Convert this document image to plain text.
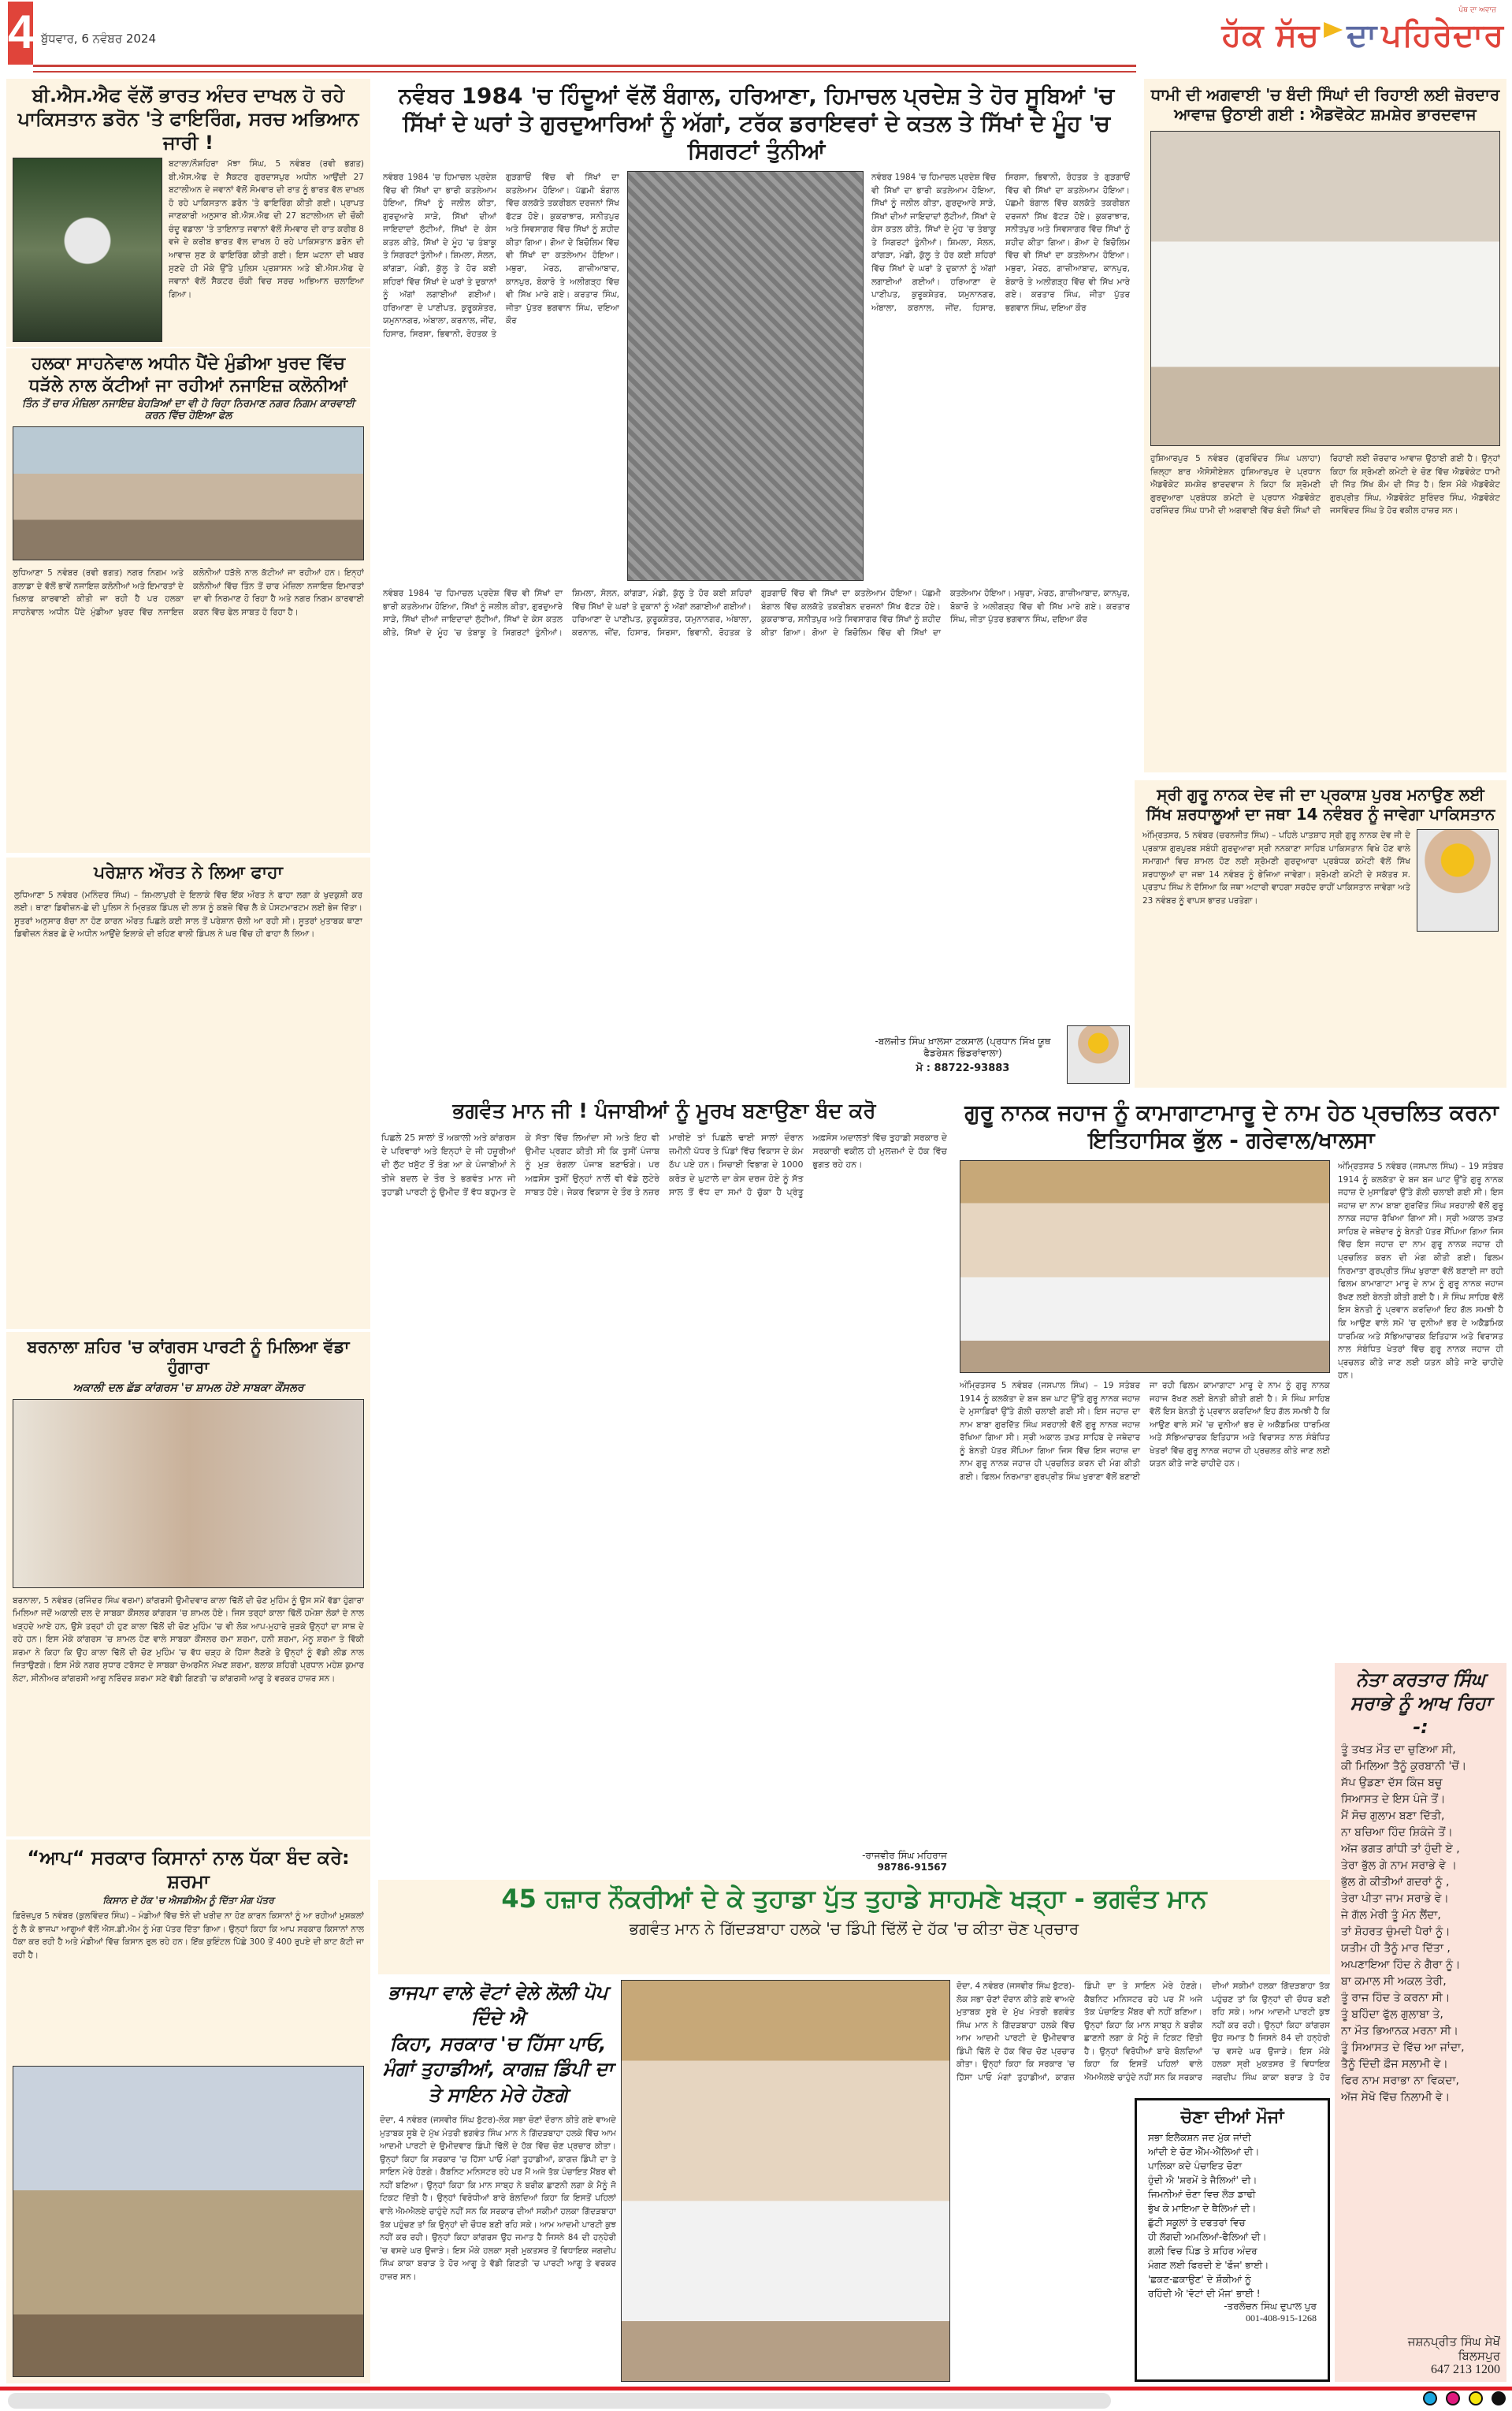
4 ਬੁੱਧਵਾਰ, 6 ਨਵੰਬਰ 2024
ਪੰਥ ਦਾ ਅਵਾਜ਼
ਹੱਕ ਸੱਚ ਦਾ ਪਹਿਰੇਦਾਰ
ਬੀ.ਐਸ.ਐਫ ਵੱਲੋਂ ਭਾਰਤ ਅੰਦਰ ਦਾਖਲ ਹੋ ਰਹੇ ਪਾਕਿਸਤਾਨ ਡਰੋਨ 'ਤੇ ਫਾਇਰਿੰਗ, ਸਰਚ ਅਭਿਆਨ ਜਾਰੀ !
ਬਟਾਲਾ/ਨੌਸ਼ਹਿਰਾ ਮੱਝਾ ਸਿੰਘ, 5 ਨਵੰਬਰ (ਰਵੀ ਭਗਤ) ਬੀ.ਐਸ.ਐਫ ਦੇ ਸੈਕਟਰ ਗੁਰਦਾਸਪੁਰ ਅਧੀਨ ਆਉਂਦੀ 27 ਬਟਾਲੀਅਨ ਦੇ ਜਵਾਨਾਂ ਵੱਲੋਂ ਸੋਮਵਾਰ ਦੀ ਰਾਤ ਨੂੰ ਭਾਰਤ ਵੱਲ ਦਾਖਲ ਹੋ ਰਹੇ ਪਾਕਿਸਤਾਨ ਡਰੋਨ 'ਤੇ ਫਾਇਰਿੰਗ ਕੀਤੀ ਗਈ। ਪ੍ਰਾਪਤ ਜਾਣਕਾਰੀ ਅਨੁਸਾਰ ਬੀ.ਐਸ.ਐਫ ਦੀ 27 ਬਟਾਲੀਅਨ ਦੀ ਚੌਕੀ ਚੰਦੂ ਵਡਾਲਾ 'ਤੇ ਤਾਇਨਾਤ ਜਵਾਨਾਂ ਵੱਲੋਂ ਸੋਮਵਾਰ ਦੀ ਰਾਤ ਕਰੀਬ 8 ਵਜੇ ਦੇ ਕਰੀਬ ਭਾਰਤ ਵੱਲ ਦਾਖਲ ਹੋ ਰਹੇ ਪਾਕਿਸਤਾਨ ਡਰੋਨ ਦੀ ਆਵਾਜ਼ ਸੁਣ ਕੇ ਫਾਇਰਿੰਗ ਕੀਤੀ ਗਈ। ਇਸ ਘਟਨਾ ਦੀ ਖਬਰ ਸੁਣਦੇ ਹੀ ਮੌਕੇ ਉੱਤੇ ਪੁਲਿਸ ਪ੍ਰਸ਼ਾਸਨ ਅਤੇ ਬੀ.ਐਸ.ਐਫ ਦੇ ਜਵਾਨਾਂ ਵੱਲੋਂ ਸੈਕਟਰ ਚੌਕੀ ਵਿਚ ਸਰਚ ਅਭਿਆਨ ਚਲਾਇਆ ਗਿਆ।
ਹਲਕਾ ਸਾਹਨੇਵਾਲ ਅਧੀਨ ਪੈਂਦੇ ਮੁੰਡੀਆ ਖੁਰਦ ਵਿੱਚ ਧੜੱਲੇ ਨਾਲ ਕੱਟੀਆਂ ਜਾ ਰਹੀਆਂ ਨਜਾਇਜ਼ ਕਲੋਨੀਆਂ
ਤਿੰਨ ਤੋਂ ਚਾਰ ਮੰਜ਼ਿਲਾ ਨਜਾਇਜ਼ ਬੇਹੜਿਆਂ ਦਾ ਵੀ ਹੋ ਰਿਹਾ ਨਿਰਮਾਣ ਨਗਰ ਨਿਗਮ ਕਾਰਵਾਈ ਕਰਨ ਵਿੱਚ ਹੋਇਆ ਫੇਲ
ਲੁਧਿਆਣਾ 5 ਨਵੰਬਰ (ਰਵੀ ਭਗਤ) ਨਗਰ ਨਿਗਮ ਅਤੇ ਗਲਾਡਾ ਦੇ ਵੱਲੋਂ ਭਾਵੇਂ ਨਜਾਇਜ਼ ਕਲੋਨੀਆਂ ਅਤੇ ਇਮਾਰਤਾਂ ਦੇ ਖ਼ਿਲਾਫ਼ ਕਾਰਵਾਈ ਕੀਤੀ ਜਾ ਰਹੀ ਹੈ ਪਰ ਹਲਕਾ ਸਾਹਨੇਵਾਲ ਅਧੀਨ ਪੈਂਦੇ ਮੁੰਡੀਆ ਖੁਰਦ ਵਿੱਚ ਨਜਾਇਜ਼ ਕਲੋਨੀਆਂ ਧੜੱਲੇ ਨਾਲ ਕੱਟੀਆਂ ਜਾ ਰਹੀਆਂ ਹਨ। ਇਨ੍ਹਾਂ ਕਲੋਨੀਆਂ ਵਿੱਚ ਤਿੰਨ ਤੋਂ ਚਾਰ ਮੰਜ਼ਿਲਾ ਨਜਾਇਜ਼ ਇਮਾਰਤਾਂ ਦਾ ਵੀ ਨਿਰਮਾਣ ਹੋ ਰਿਹਾ ਹੈ ਅਤੇ ਨਗਰ ਨਿਗਮ ਕਾਰਵਾਈ ਕਰਨ ਵਿੱਚ ਫੇਲ ਸਾਬਤ ਹੋ ਰਿਹਾ ਹੈ।
ਪਰੇਸ਼ਾਨ ਔਰਤ ਨੇ ਲਿਆ ਫਾਹਾ
ਲੁਧਿਆਣਾ 5 ਨਵੰਬਰ (ਮਨਿੰਦਰ ਸਿੰਘ) – ਸ਼ਿਮਲਾਪੁਰੀ ਦੇ ਇਲਾਕੇ ਵਿੱਚ ਇੱਕ ਔਰਤ ਨੇ ਫਾਹਾ ਲਗਾ ਕੇ ਖੁਦਕੁਸ਼ੀ ਕਰ ਲਈ। ਥਾਣਾ ਡਿਵੀਜ਼ਨ-ਛੇ ਦੀ ਪੁਲਿਸ ਨੇ ਮ੍ਰਿਤਕ ਡਿੰਪਲ ਦੀ ਲਾਸ਼ ਨੂੰ ਕਬਜ਼ੇ ਵਿੱਚ ਲੈ ਕੇ ਪੋਸਟਮਾਰਟਮ ਲਈ ਭੇਜ ਦਿੱਤਾ। ਸੂਤਰਾਂ ਅਨੁਸਾਰ ਬੱਚਾ ਨਾ ਹੋਣ ਕਾਰਨ ਔਰਤ ਪਿਛਲੇ ਕਈ ਸਾਲ ਤੋਂ ਪਰੇਸ਼ਾਨ ਚੱਲੀ ਆ ਰਹੀ ਸੀ। ਸੂਤਰਾਂ ਮੁਤਾਬਕ ਥਾਣਾ ਡਿਵੀਜ਼ਨ ਨੰਬਰ ਛੇ ਦੇ ਅਧੀਨ ਆਉਂਦੇ ਇਲਾਕੇ ਦੀ ਰਹਿਣ ਵਾਲੀ ਡਿੰਪਲ ਨੇ ਘਰ ਵਿੱਚ ਹੀ ਫਾਹਾ ਲੈ ਲਿਆ।
ਬਰਨਾਲਾ ਸ਼ਹਿਰ 'ਚ ਕਾਂਗਰਸ ਪਾਰਟੀ ਨੂੰ ਮਿਲਿਆ ਵੱਡਾ ਹੁੰਗਾਰਾ
ਅਕਾਲੀ ਦਲ ਛੱਡ ਕਾਂਗਰਸ 'ਚ ਸ਼ਾਮਲ ਹੋਏ ਸਾਬਕਾ ਕੌਂਸਲਰ
ਬਰਨਾਲਾ, 5 ਨਵੰਬਰ (ਰਜਿੰਦਰ ਸਿੰਘ ਵਰਮਾ) ਕਾਂਗਰਸੀ ਉਮੀਦਵਾਰ ਕਾਲਾ ਢਿੱਲੋਂ ਦੀ ਚੋਣ ਮੁਹਿੰਮ ਨੂੰ ਉਸ ਸਮੇਂ ਵੱਡਾ ਹੁੰਗਾਰਾ ਮਿਲਿਆ ਜਦੋਂ ਅਕਾਲੀ ਦਲ ਦੇ ਸਾਬਕਾ ਕੌਂਸਲਰ ਕਾਂਗਰਸ 'ਚ ਸ਼ਾਮਲ ਹੋਏ। ਜਿਸ ਤਰ੍ਹਾਂ ਕਾਲਾ ਢਿੱਲੋਂ ਹਮੇਸ਼ਾ ਲੋਕਾਂ ਦੇ ਨਾਲ ਖੜ੍ਹਦੇ ਆਏ ਹਨ, ਉਸੇ ਤਰ੍ਹਾਂ ਹੀ ਹੁਣ ਕਾਲਾ ਢਿੱਲੋਂ ਦੀ ਚੋਣ ਮੁਹਿੰਮ 'ਚ ਵੀ ਲੋਕ ਆਪ-ਮੁਹਾਰੇ ਜੁੜਕੇ ਉਨ੍ਹਾਂ ਦਾ ਸਾਥ ਦੇ ਰਹੇ ਹਨ। ਇਸ ਮੌਕੇ ਕਾਂਗਰਸ 'ਚ ਸ਼ਾਮਲ ਹੋਣ ਵਾਲੇ ਸਾਬਕਾ ਕੌਂਸਲਰ ਰਮਾ ਸ਼ਰਮਾ, ਹਨੀ ਸ਼ਰਮਾ, ਮੰਨੂ ਸ਼ਰਮਾ ਤੇ ਵਿੱਕੀ ਸ਼ਰਮਾ ਨੇ ਕਿਹਾ ਕਿ ਉਹ ਕਾਲਾ ਢਿੱਲੋਂ ਦੀ ਚੋਣ ਮੁਹਿੰਮ 'ਚ ਵੱਧ ਚੜ੍ਹ ਕੇ ਹਿੱਸਾ ਲੈਣਗੇ ਤੇ ਉਨ੍ਹਾਂ ਨੂੰ ਵੱਡੀ ਲੀਡ ਨਾਲ ਜਿਤਾਉਣਗੇ। ਇਸ ਮੌਕੇ ਨਗਰ ਸੁਧਾਰ ਟਰੱਸਟ ਦੇ ਸਾਬਕਾ ਚੇਅਰਮੈਨ ਮੱਖਣ ਸ਼ਰਮਾ, ਬਲਾਕ ਸ਼ਹਿਰੀ ਪ੍ਰਧਾਨ ਮਹੇਸ਼ ਕੁਮਾਰ ਲੋਟਾ, ਸੀਨੀਅਰ ਕਾਂਗਰਸੀ ਆਗੂ ਨਰਿੰਦਰ ਸ਼ਰਮਾ ਸਣੇ ਵੱਡੀ ਗਿਣਤੀ 'ਚ ਕਾਂਗਰਸੀ ਆਗੂ ਤੇ ਵਰਕਰ ਹਾਜ਼ਰ ਸਨ।
“ਆਪ“ ਸਰਕਾਰ ਕਿਸਾਨਾਂ ਨਾਲ ਧੱਕਾ ਬੰਦ ਕਰੇ: ਸ਼ਰਮਾ
ਕਿਸਾਨ ਦੇ ਹੱਕ 'ਚ ਐਸਡੀਐਮ ਨੂੰ ਦਿੱਤਾ ਮੰਗ ਪੱਤਰ
ਫ਼ਿਰੋਜ਼ਪੁਰ 5 ਨਵੰਬਰ (ਕੁਲਵਿੰਦਰ ਸਿੰਘ) – ਮੰਡੀਆਂ ਵਿੱਚ ਝੋਨੇ ਦੀ ਖਰੀਦ ਨਾ ਹੋਣ ਕਾਰਨ ਕਿਸਾਨਾਂ ਨੂੰ ਆ ਰਹੀਆਂ ਮੁਸ਼ਕਲਾਂ ਨੂੰ ਲੈ ਕੇ ਭਾਜਪਾ ਆਗੂਆਂ ਵੱਲੋਂ ਐਸ.ਡੀ.ਐਮ ਨੂੰ ਮੰਗ ਪੱਤਰ ਦਿੱਤਾ ਗਿਆ। ਉਨ੍ਹਾਂ ਕਿਹਾ ਕਿ ਆਪ ਸਰਕਾਰ ਕਿਸਾਨਾਂ ਨਾਲ ਧੱਕਾ ਕਰ ਰਹੀ ਹੈ ਅਤੇ ਮੰਡੀਆਂ ਵਿੱਚ ਕਿਸਾਨ ਰੁਲ ਰਹੇ ਹਨ। ਇੱਕ ਕੁਇੰਟਲ ਪਿੱਛੇ 300 ਤੋਂ 400 ਰੁਪਏ ਦੀ ਕਾਟ ਕੱਟੀ ਜਾ ਰਹੀ ਹੈ।
ਨਵੰਬਰ 1984 'ਚ ਹਿੰਦੂਆਂ ਵੱਲੋਂ ਬੰਗਾਲ, ਹਰਿਆਣਾ, ਹਿਮਾਚਲ ਪ੍ਰਦੇਸ਼ ਤੇ ਹੋਰ ਸੂਬਿਆਂ 'ਚ ਸਿੱਖਾਂ ਦੇ ਘਰਾਂ ਤੇ ਗੁਰਦੁਆਰਿਆਂ ਨੂੰ ਅੱਗਾਂ, ਟਰੱਕ ਡਰਾਇਵਰਾਂ ਦੇ ਕਤਲ ਤੇ ਸਿੱਖਾਂ ਦੇ ਮੂੰਹ 'ਚ ਸਿਗਰਟਾਂ ਤੁੰਨੀਆਂ
ਨਵੰਬਰ 1984 'ਚ ਹਿਮਾਚਲ ਪ੍ਰਦੇਸ਼ ਵਿੱਚ ਵੀ ਸਿੱਖਾਂ ਦਾ ਭਾਰੀ ਕਤਲੇਆਮ ਹੋਇਆ, ਸਿੱਖਾਂ ਨੂੰ ਜਲੀਲ ਕੀਤਾ, ਗੁਰਦੁਆਰੇ ਸਾੜੇ, ਸਿੱਖਾਂ ਦੀਆਂ ਜਾਇਦਾਦਾਂ ਲੁੱਟੀਆਂ, ਸਿੱਖਾਂ ਦੇ ਕੇਸ ਕਤਲ ਕੀਤੇ, ਸਿੱਖਾਂ ਦੇ ਮੂੰਹ 'ਚ ਤੰਬਾਕੂ ਤੇ ਸਿਗਰਟਾਂ ਤੁੰਨੀਆਂ। ਸ਼ਿਮਲਾ, ਸੋਲਨ, ਕਾਂਗੜਾ, ਮੰਡੀ, ਕੁੱਲੂ ਤੇ ਹੋਰ ਕਈ ਸ਼ਹਿਰਾਂ ਵਿੱਚ ਸਿੱਖਾਂ ਦੇ ਘਰਾਂ ਤੇ ਦੁਕਾਨਾਂ ਨੂੰ ਅੱਗਾਂ ਲਗਾਈਆਂ ਗਈਆਂ। ਹਰਿਆਣਾ ਦੇ ਪਾਣੀਪਤ, ਕੁਰੂਕਸ਼ੇਤਰ, ਯਮੁਨਾਨਗਰ, ਅੰਬਾਲਾ, ਕਰਨਾਲ, ਜੀਂਦ, ਹਿਸਾਰ, ਸਿਰਸਾ, ਭਿਵਾਨੀ, ਰੋਹਤਕ ਤੇ ਗੁੜਗਾਓਂ ਵਿੱਚ ਵੀ ਸਿੱਖਾਂ ਦਾ ਕਤਲੇਆਮ ਹੋਇਆ। ਪੱਛਮੀ ਬੰਗਾਲ ਵਿੱਚ ਕਲਕੱਤੇ ਤਕਰੀਬਨ ਦਰਜਨਾਂ ਸਿੱਖ ਫੱਟੜ ਹੋਏ। ਕੁਕਰਾਝਾਰ, ਸਨੀਤਪੁਰ ਅਤੇ ਸਿਵਸਾਗਰ ਵਿੱਚ ਸਿੱਖਾਂ ਨੂੰ ਸ਼ਹੀਦ ਕੀਤਾ ਗਿਆ। ਗੋਆ ਦੇ ਬਿਚੋਲਿਮ ਵਿੱਚ ਵੀ ਸਿੱਖਾਂ ਦਾ ਕਤਲੇਆਮ ਹੋਇਆ। ਮਥੁਰਾ, ਮੇਰਠ, ਗਾਜ਼ੀਆਬਾਦ, ਕਾਨਪੁਰ, ਬੋਕਾਰੋ ਤੇ ਅਲੀਗੜ੍ਹ ਵਿੱਚ ਵੀ ਸਿੱਖ ਮਾਰੇ ਗਏ। ਕਰਤਾਰ ਸਿੰਘ, ਜੀਤਾ ਪੁੱਤਰ ਭਗਵਾਨ ਸਿੰਘ, ਦਇਆ ਕੌਰ
ਨਵੰਬਰ 1984 'ਚ ਹਿਮਾਚਲ ਪ੍ਰਦੇਸ਼ ਵਿੱਚ ਵੀ ਸਿੱਖਾਂ ਦਾ ਭਾਰੀ ਕਤਲੇਆਮ ਹੋਇਆ, ਸਿੱਖਾਂ ਨੂੰ ਜਲੀਲ ਕੀਤਾ, ਗੁਰਦੁਆਰੇ ਸਾੜੇ, ਸਿੱਖਾਂ ਦੀਆਂ ਜਾਇਦਾਦਾਂ ਲੁੱਟੀਆਂ, ਸਿੱਖਾਂ ਦੇ ਕੇਸ ਕਤਲ ਕੀਤੇ, ਸਿੱਖਾਂ ਦੇ ਮੂੰਹ 'ਚ ਤੰਬਾਕੂ ਤੇ ਸਿਗਰਟਾਂ ਤੁੰਨੀਆਂ। ਸ਼ਿਮਲਾ, ਸੋਲਨ, ਕਾਂਗੜਾ, ਮੰਡੀ, ਕੁੱਲੂ ਤੇ ਹੋਰ ਕਈ ਸ਼ਹਿਰਾਂ ਵਿੱਚ ਸਿੱਖਾਂ ਦੇ ਘਰਾਂ ਤੇ ਦੁਕਾਨਾਂ ਨੂੰ ਅੱਗਾਂ ਲਗਾਈਆਂ ਗਈਆਂ। ਹਰਿਆਣਾ ਦੇ ਪਾਣੀਪਤ, ਕੁਰੂਕਸ਼ੇਤਰ, ਯਮੁਨਾਨਗਰ, ਅੰਬਾਲਾ, ਕਰਨਾਲ, ਜੀਂਦ, ਹਿਸਾਰ, ਸਿਰਸਾ, ਭਿਵਾਨੀ, ਰੋਹਤਕ ਤੇ ਗੁੜਗਾਓਂ ਵਿੱਚ ਵੀ ਸਿੱਖਾਂ ਦਾ ਕਤਲੇਆਮ ਹੋਇਆ। ਪੱਛਮੀ ਬੰਗਾਲ ਵਿੱਚ ਕਲਕੱਤੇ ਤਕਰੀਬਨ ਦਰਜਨਾਂ ਸਿੱਖ ਫੱਟੜ ਹੋਏ। ਕੁਕਰਾਝਾਰ, ਸਨੀਤਪੁਰ ਅਤੇ ਸਿਵਸਾਗਰ ਵਿੱਚ ਸਿੱਖਾਂ ਨੂੰ ਸ਼ਹੀਦ ਕੀਤਾ ਗਿਆ। ਗੋਆ ਦੇ ਬਿਚੋਲਿਮ ਵਿੱਚ ਵੀ ਸਿੱਖਾਂ ਦਾ ਕਤਲੇਆਮ ਹੋਇਆ। ਮਥੁਰਾ, ਮੇਰਠ, ਗਾਜ਼ੀਆਬਾਦ, ਕਾਨਪੁਰ, ਬੋਕਾਰੋ ਤੇ ਅਲੀਗੜ੍ਹ ਵਿੱਚ ਵੀ ਸਿੱਖ ਮਾਰੇ ਗਏ। ਕਰਤਾਰ ਸਿੰਘ, ਜੀਤਾ ਪੁੱਤਰ ਭਗਵਾਨ ਸਿੰਘ, ਦਇਆ ਕੌਰ
ਨਵੰਬਰ 1984 'ਚ ਹਿਮਾਚਲ ਪ੍ਰਦੇਸ਼ ਵਿੱਚ ਵੀ ਸਿੱਖਾਂ ਦਾ ਭਾਰੀ ਕਤਲੇਆਮ ਹੋਇਆ, ਸਿੱਖਾਂ ਨੂੰ ਜਲੀਲ ਕੀਤਾ, ਗੁਰਦੁਆਰੇ ਸਾੜੇ, ਸਿੱਖਾਂ ਦੀਆਂ ਜਾਇਦਾਦਾਂ ਲੁੱਟੀਆਂ, ਸਿੱਖਾਂ ਦੇ ਕੇਸ ਕਤਲ ਕੀਤੇ, ਸਿੱਖਾਂ ਦੇ ਮੂੰਹ 'ਚ ਤੰਬਾਕੂ ਤੇ ਸਿਗਰਟਾਂ ਤੁੰਨੀਆਂ। ਸ਼ਿਮਲਾ, ਸੋਲਨ, ਕਾਂਗੜਾ, ਮੰਡੀ, ਕੁੱਲੂ ਤੇ ਹੋਰ ਕਈ ਸ਼ਹਿਰਾਂ ਵਿੱਚ ਸਿੱਖਾਂ ਦੇ ਘਰਾਂ ਤੇ ਦੁਕਾਨਾਂ ਨੂੰ ਅੱਗਾਂ ਲਗਾਈਆਂ ਗਈਆਂ। ਹਰਿਆਣਾ ਦੇ ਪਾਣੀਪਤ, ਕੁਰੂਕਸ਼ੇਤਰ, ਯਮੁਨਾਨਗਰ, ਅੰਬਾਲਾ, ਕਰਨਾਲ, ਜੀਂਦ, ਹਿਸਾਰ, ਸਿਰਸਾ, ਭਿਵਾਨੀ, ਰੋਹਤਕ ਤੇ ਗੁੜਗਾਓਂ ਵਿੱਚ ਵੀ ਸਿੱਖਾਂ ਦਾ ਕਤਲੇਆਮ ਹੋਇਆ। ਪੱਛਮੀ ਬੰਗਾਲ ਵਿੱਚ ਕਲਕੱਤੇ ਤਕਰੀਬਨ ਦਰਜਨਾਂ ਸਿੱਖ ਫੱਟੜ ਹੋਏ। ਕੁਕਰਾਝਾਰ, ਸਨੀਤਪੁਰ ਅਤੇ ਸਿਵਸਾਗਰ ਵਿੱਚ ਸਿੱਖਾਂ ਨੂੰ ਸ਼ਹੀਦ ਕੀਤਾ ਗਿਆ। ਗੋਆ ਦੇ ਬਿਚੋਲਿਮ ਵਿੱਚ ਵੀ ਸਿੱਖਾਂ ਦਾ ਕਤਲੇਆਮ ਹੋਇਆ। ਮਥੁਰਾ, ਮੇਰਠ, ਗਾਜ਼ੀਆਬਾਦ, ਕਾਨਪੁਰ, ਬੋਕਾਰੋ ਤੇ ਅਲੀਗੜ੍ਹ ਵਿੱਚ ਵੀ ਸਿੱਖ ਮਾਰੇ ਗਏ। ਕਰਤਾਰ ਸਿੰਘ, ਜੀਤਾ ਪੁੱਤਰ ਭਗਵਾਨ ਸਿੰਘ, ਦਇਆ ਕੌਰ
-ਬਲਜੀਤ ਸਿੰਘ ਖ਼ਾਲਸਾ ਟਕਸਾਲ (ਪ੍ਰਧਾਨ ਸਿੱਖ ਯੂਥ ਫੈਡਰੇਸ਼ਨ ਭਿੰਡਰਾਂਵਾਲਾ)
ਮੋ : 88722-93883
ਧਾਮੀ ਦੀ ਅਗਵਾਈ 'ਚ ਬੰਦੀ ਸਿੰਘਾਂ ਦੀ ਰਿਹਾਈ ਲਈ ਜ਼ੋਰਦਾਰ ਆਵਾਜ਼ ਉਠਾਈ ਗਈ : ਐਡਵੋਕੇਟ ਸ਼ਮਸ਼ੇਰ ਭਾਰਦਵਾਜ
ਹੁਸ਼ਿਆਰਪੁਰ 5 ਨਵੰਬਰ (ਗੁਰਵਿੰਦਰ ਸਿੰਘ ਪਲਾਹਾ) ਜ਼ਿਲ੍ਹਾ ਬਾਰ ਐਸੋਸੀਏਸ਼ਨ ਹੁਸ਼ਿਆਰਪੁਰ ਦੇ ਪ੍ਰਧਾਨ ਐਡਵੋਕੇਟ ਸ਼ਮਸ਼ੇਰ ਭਾਰਦਵਾਜ ਨੇ ਕਿਹਾ ਕਿ ਸ਼੍ਰੋਮਣੀ ਗੁਰਦੁਆਰਾ ਪ੍ਰਬੰਧਕ ਕਮੇਟੀ ਦੇ ਪ੍ਰਧਾਨ ਐਡਵੋਕੇਟ ਹਰਜਿੰਦਰ ਸਿੰਘ ਧਾਮੀ ਦੀ ਅਗਵਾਈ ਵਿੱਚ ਬੰਦੀ ਸਿੰਘਾਂ ਦੀ ਰਿਹਾਈ ਲਈ ਜ਼ੋਰਦਾਰ ਆਵਾਜ਼ ਉਠਾਈ ਗਈ ਹੈ। ਉਨ੍ਹਾਂ ਕਿਹਾ ਕਿ ਸ਼੍ਰੋਮਣੀ ਕਮੇਟੀ ਦੇ ਚੋਣ ਵਿੱਚ ਐਡਵੋਕੇਟ ਧਾਮੀ ਦੀ ਜਿੱਤ ਸਿੱਖ ਕੌਮ ਦੀ ਜਿੱਤ ਹੈ। ਇਸ ਮੌਕੇ ਐਡਵੋਕੇਟ ਗੁਰਪ੍ਰੀਤ ਸਿੰਘ, ਐਡਵੋਕੇਟ ਸੁਰਿੰਦਰ ਸਿੰਘ, ਐਡਵੋਕੇਟ ਜਸਵਿੰਦਰ ਸਿੰਘ ਤੇ ਹੋਰ ਵਕੀਲ ਹਾਜ਼ਰ ਸਨ।
ਸ੍ਰੀ ਗੁਰੂ ਨਾਨਕ ਦੇਵ ਜੀ ਦਾ ਪ੍ਰਕਾਸ਼ ਪੁਰਬ ਮਨਾਉਣ ਲਈ ਸਿੱਖ ਸ਼ਰਧਾਲੂਆਂ ਦਾ ਜਥਾ 14 ਨਵੰਬਰ ਨੂੰ ਜਾਵੇਗਾ ਪਾਕਿਸਤਾਨ
ਅੰਮ੍ਰਿਤਸਰ, 5 ਨਵੰਬਰ (ਚਰਨਜੀਤ ਸਿੰਘ) – ਪਹਿਲੇ ਪਾਤਸ਼ਾਹ ਸ੍ਰੀ ਗੁਰੂ ਨਾਨਕ ਦੇਵ ਜੀ ਦੇ ਪ੍ਰਕਾਸ਼ ਗੁਰਪੁਰਬ ਸਬੰਧੀ ਗੁਰਦੁਆਰਾ ਸ੍ਰੀ ਨਨਕਾਣਾ ਸਾਹਿਬ ਪਾਕਿਸਤਾਨ ਵਿਖੇ ਹੋਣ ਵਾਲੇ ਸਮਾਗਮਾਂ ਵਿਚ ਸ਼ਾਮਲ ਹੋਣ ਲਈ ਸ਼੍ਰੋਮਣੀ ਗੁਰਦੁਆਰਾ ਪ੍ਰਬੰਧਕ ਕਮੇਟੀ ਵੱਲੋਂ ਸਿੱਖ ਸ਼ਰਧਾਲੂਆਂ ਦਾ ਜਥਾ 14 ਨਵੰਬਰ ਨੂੰ ਭੇਜਿਆ ਜਾਵੇਗਾ। ਸ਼੍ਰੋਮਣੀ ਕਮੇਟੀ ਦੇ ਸਕੱਤਰ ਸ. ਪ੍ਰਤਾਪ ਸਿੰਘ ਨੇ ਦੱਸਿਆ ਕਿ ਜਥਾ ਅਟਾਰੀ ਵਾਹਗਾ ਸਰਹੱਦ ਰਾਹੀਂ ਪਾਕਿਸਤਾਨ ਜਾਵੇਗਾ ਅਤੇ 23 ਨਵੰਬਰ ਨੂੰ ਵਾਪਸ ਭਾਰਤ ਪਰਤੇਗਾ।
ਭਗਵੰਤ ਮਾਨ ਜੀ ! ਪੰਜਾਬੀਆਂ ਨੂੰ ਮੂਰਖ ਬਣਾਉਣਾ ਬੰਦ ਕਰੋ
ਪਿਛਲੇ 25 ਸਾਲਾਂ ਤੋਂ ਅਕਾਲੀ ਅਤੇ ਕਾਂਗਰਸ ਦੇ ਪਰਿਵਾਰਾਂ ਅਤੇ ਇਨ੍ਹਾਂ ਦੇ ਜੀ ਹਜ਼ੂਰੀਆਂ ਦੀ ਲੁੱਟ ਖਸੁੱਟ ਤੋਂ ਤੰਗ ਆ ਕੇ ਪੰਜਾਬੀਆਂ ਨੇ ਤੀਜੇ ਬਦਲ ਦੇ ਤੌਰ ਤੇ ਭਗਵੰਤ ਮਾਨ ਜੀ ਤੁਹਾਡੀ ਪਾਰਟੀ ਨੂੰ ਉਮੀਦ ਤੋਂ ਵੱਧ ਬਹੁਮਤ ਦੇ ਕੇ ਸੱਤਾ ਵਿੱਚ ਲਿਆਂਦਾ ਸੀ ਅਤੇ ਇਹ ਵੀ ਉਮੀਦ ਪ੍ਰਗਟ ਕੀਤੀ ਸੀ ਕਿ ਤੁਸੀਂ ਪੰਜਾਬ ਨੂੰ ਮੁੜ ਰੰਗਲਾ ਪੰਜਾਬ ਬਣਾਓਗੇ। ਪਰ ਅਫ਼ਸੋਸ ਤੁਸੀਂ ਉਨ੍ਹਾਂ ਨਾਲੋਂ ਵੀ ਵੱਡੇ ਲੁਟੇਰੇ ਸਾਬਤ ਹੋਏ। ਜੇਕਰ ਵਿਕਾਸ ਦੇ ਤੌਰ ਤੇ ਨਜ਼ਰ ਮਾਰੀਏ ਤਾਂ ਪਿਛਲੇ ਢਾਈ ਸਾਲਾਂ ਦੌਰਾਨ ਜ਼ਮੀਨੀ ਪੱਧਰ ਤੇ ਪਿੰਡਾਂ ਵਿੱਚ ਵਿਕਾਸ ਦੇ ਕੰਮ ਠੱਪ ਪਏ ਹਨ। ਸਿਚਾਈ ਵਿਭਾਗ ਦੇ 1000 ਕਰੋੜ ਦੇ ਘੁਟਾਲੇ ਦਾ ਕੇਸ ਦਰਜ ਹੋਏ ਨੂੰ ਸੱਤ ਸਾਲ ਤੋਂ ਵੱਧ ਦਾ ਸਮਾਂ ਹੋ ਚੁੱਕਾ ਹੈ ਪ੍ਰੰਤੂ ਅਫ਼ਸੋਸ ਅਦਾਲਤਾਂ ਵਿੱਚ ਤੁਹਾਡੀ ਸਰਕਾਰ ਦੇ ਸਰਕਾਰੀ ਵਕੀਲ ਹੀ ਮੁਲਜ਼ਮਾਂ ਦੇ ਹੱਕ ਵਿੱਚ ਭੁਗਤ ਰਹੇ ਹਨ।
-ਰਾਜਵੀਰ ਸਿੰਘ ਮਹਿਰਾਜ
98786-91567
ਗੁਰੂ ਨਾਨਕ ਜਹਾਜ ਨੂੰ ਕਾਮਾਗਾਟਾਮਾਰੂ ਦੇ ਨਾਮ ਹੇਠ ਪ੍ਰਚਲਿਤ ਕਰਨਾ ਇਤਿਹਾਸਿਕ ਭੁੱਲ - ਗਰੇਵਾਲ/ਖਾਲਸਾ
ਅੰਮ੍ਰਿਤਸਰ 5 ਨਵੰਬਰ (ਜਸਪਾਲ ਸਿੰਘ) – 19 ਸਤੰਬਰ 1914 ਨੂੰ ਕਲਕੱਤਾ ਦੇ ਬਜ ਬਜ ਘਾਟ ਉੱਤੇ ਗੁਰੂ ਨਾਨਕ ਜਹਾਜ਼ ਦੇ ਮੁਸਾਫ਼ਿਰਾਂ ਉੱਤੇ ਗੋਲੀ ਚਲਾਈ ਗਈ ਸੀ। ਇਸ ਜਹਾਜ਼ ਦਾ ਨਾਮ ਬਾਬਾ ਗੁਰਦਿੱਤ ਸਿੰਘ ਸਰਹਾਲੀ ਵੱਲੋਂ ਗੁਰੂ ਨਾਨਕ ਜਹਾਜ਼ ਰੱਖਿਆ ਗਿਆ ਸੀ। ਸ੍ਰੀ ਅਕਾਲ ਤਖ਼ਤ ਸਾਹਿਬ ਦੇ ਜਥੇਦਾਰ ਨੂੰ ਬੇਨਤੀ ਪੱਤਰ ਸੌਂਪਿਆ ਗਿਆ ਜਿਸ ਵਿੱਚ ਇਸ ਜਹਾਜ਼ ਦਾ ਨਾਮ ਗੁਰੂ ਨਾਨਕ ਜਹਾਜ਼ ਹੀ ਪ੍ਰਚਲਿਤ ਕਰਨ ਦੀ ਮੰਗ ਕੀਤੀ ਗਈ। ਫਿਲਮ ਨਿਰਮਾਤਾ ਗੁਰਪ੍ਰੀਤ ਸਿੰਘ ਖੁਰਾਣਾ ਵੱਲੋਂ ਬਣਾਈ ਜਾ ਰਹੀ ਫਿਲਮ ਕਾਮਾਗਾਟਾ ਮਾਰੂ ਦੇ ਨਾਮ ਨੂੰ ਗੁਰੂ ਨਾਨਕ ਜਹਾਜ ਰੱਖਣ ਲਈ ਬੇਨਤੀ ਕੀਤੀ ਗਈ ਹੈ। ਸੋ ਸਿੰਘ ਸਾਹਿਬ ਵੱਲੋਂ ਇਸ ਬੇਨਤੀ ਨੂੰ ਪ੍ਰਵਾਨ ਕਰਦਿਆਂ ਇਹ ਗੱਲ ਸਮਝੀ ਹੈ ਕਿ ਆਉਣ ਵਾਲੇ ਸਮੇਂ 'ਚ ਦੁਨੀਆਂ ਭਰ ਦੇ ਅਕੈਡਮਿਕ ਧਾਰਮਿਕ ਅਤੇ ਸੱਭਿਆਚਾਰਕ ਇਤਿਹਾਸ ਅਤੇ ਵਿਰਾਸਤ ਨਾਲ ਸੰਬੰਧਿਤ ਖੇਤਰਾਂ ਵਿੱਚ ਗੁਰੂ ਨਾਨਕ ਜਹਾਜ ਹੀ ਪ੍ਰਚਲਤ ਕੀਤੇ ਜਾਣ ਲਈ ਯਤਨ ਕੀਤੇ ਜਾਣੇ ਚਾਹੀਦੇ ਹਨ।
ਅੰਮ੍ਰਿਤਸਰ 5 ਨਵੰਬਰ (ਜਸਪਾਲ ਸਿੰਘ) – 19 ਸਤੰਬਰ 1914 ਨੂੰ ਕਲਕੱਤਾ ਦੇ ਬਜ ਬਜ ਘਾਟ ਉੱਤੇ ਗੁਰੂ ਨਾਨਕ ਜਹਾਜ਼ ਦੇ ਮੁਸਾਫ਼ਿਰਾਂ ਉੱਤੇ ਗੋਲੀ ਚਲਾਈ ਗਈ ਸੀ। ਇਸ ਜਹਾਜ਼ ਦਾ ਨਾਮ ਬਾਬਾ ਗੁਰਦਿੱਤ ਸਿੰਘ ਸਰਹਾਲੀ ਵੱਲੋਂ ਗੁਰੂ ਨਾਨਕ ਜਹਾਜ਼ ਰੱਖਿਆ ਗਿਆ ਸੀ। ਸ੍ਰੀ ਅਕਾਲ ਤਖ਼ਤ ਸਾਹਿਬ ਦੇ ਜਥੇਦਾਰ ਨੂੰ ਬੇਨਤੀ ਪੱਤਰ ਸੌਂਪਿਆ ਗਿਆ ਜਿਸ ਵਿੱਚ ਇਸ ਜਹਾਜ਼ ਦਾ ਨਾਮ ਗੁਰੂ ਨਾਨਕ ਜਹਾਜ਼ ਹੀ ਪ੍ਰਚਲਿਤ ਕਰਨ ਦੀ ਮੰਗ ਕੀਤੀ ਗਈ। ਫਿਲਮ ਨਿਰਮਾਤਾ ਗੁਰਪ੍ਰੀਤ ਸਿੰਘ ਖੁਰਾਣਾ ਵੱਲੋਂ ਬਣਾਈ ਜਾ ਰਹੀ ਫਿਲਮ ਕਾਮਾਗਾਟਾ ਮਾਰੂ ਦੇ ਨਾਮ ਨੂੰ ਗੁਰੂ ਨਾਨਕ ਜਹਾਜ ਰੱਖਣ ਲਈ ਬੇਨਤੀ ਕੀਤੀ ਗਈ ਹੈ। ਸੋ ਸਿੰਘ ਸਾਹਿਬ ਵੱਲੋਂ ਇਸ ਬੇਨਤੀ ਨੂੰ ਪ੍ਰਵਾਨ ਕਰਦਿਆਂ ਇਹ ਗੱਲ ਸਮਝੀ ਹੈ ਕਿ ਆਉਣ ਵਾਲੇ ਸਮੇਂ 'ਚ ਦੁਨੀਆਂ ਭਰ ਦੇ ਅਕੈਡਮਿਕ ਧਾਰਮਿਕ ਅਤੇ ਸੱਭਿਆਚਾਰਕ ਇਤਿਹਾਸ ਅਤੇ ਵਿਰਾਸਤ ਨਾਲ ਸੰਬੰਧਿਤ ਖੇਤਰਾਂ ਵਿੱਚ ਗੁਰੂ ਨਾਨਕ ਜਹਾਜ ਹੀ ਪ੍ਰਚਲਤ ਕੀਤੇ ਜਾਣ ਲਈ ਯਤਨ ਕੀਤੇ ਜਾਣੇ ਚਾਹੀਦੇ ਹਨ।
ਨੇਤਾ ਕਰਤਾਰ ਸਿੰਘ ਸਰਾਭੇ ਨੂੰ ਆਖ ਰਿਹਾ -:
ਤੂੰ ਤਖਤ ਮੌਤ ਦਾ ਚੁਣਿਆ ਸੀ,
ਕੀ ਮਿਲਿਆ ਤੈਨੂੰ ਕੁਰਬਾਨੀ 'ਚੋਂ।
ਸੱਪ ਉਡਣਾ ਦੱਸ ਕਿੰਜ ਬਚੂ
ਸਿਆਸਤ ਦੇ ਇਸ ਪੰਜੇ ਤੋਂ।
ਮੈਂ ਸੋਚ ਗੁਲਾਮ ਬਣਾ ਦਿੱਤੀ,
ਨਾ ਬਚਿਆ ਹਿੰਦ ਸ਼ਿਕੰਜੇ ਤੋਂ।
ਅੱਜ ਭਗਤ ਗਾਂਧੀ ਤਾਂ ਹੁੰਦੀ ਏ ,
ਤੇਰਾ ਭੁੱਲ ਗੇ ਨਾਮ ਸਰਾਭੇ ਵੇ ।
ਭੁੱਲ ਗੇ ਕੀਤੀਆਂ ਗਦਰਾਂ ਨੂੰ ,
ਤੇਰਾ ਪੀਤਾ ਜਾਮ ਸਰਾਭੇ ਵੇ।
ਜੇ ਗੱਲ ਮੇਰੀ ਤੂੰ ਮੰਨ ਲੈਂਦਾ,
ਤਾਂ ਸ਼ੋਹਰਤ ਚੁੰਮਦੀ ਪੈਰਾਂ ਨੂੰ।
ਯਤੀਮ ਹੀ ਤੈਨੂੰ ਮਾਰ ਦਿੱਤਾ ,
ਅਪਣਾਇਆ ਹਿੰਦ ਨੇ ਗੈਰਾ ਨੂੰ।
ਬਾ ਕਮਾਲ ਸੀ ਅਕਲ ਤੇਰੀ,
ਤੂੰ ਰਾਜ ਹਿੰਦ ਤੇ ਕਰਨਾ ਸੀ।
ਤੂੰ ਬਹਿੰਦਾ ਫੁੱਲ ਗੁਲਾਬਾ ਤੇ,
ਨਾ ਮੌਤ ਭਿਆਨਕ ਮਰਨਾ ਸੀ।
ਤੂੰ ਸਿਆਸਤ ਦੇ ਵਿੱਚ ਆ ਜਾਂਦਾ,
ਤੈਨੂੰ ਦਿੰਦੀ ਫ਼ੌਜ ਸਲਾਮੀ ਵੇ।
ਫਿਰ ਨਾਮ ਸਰਾਭਾ ਨਾ ਵਿਕਦਾ,
ਅੱਜ ਸੇਖੋ ਵਿੱਚ ਨਿਲਾਮੀ ਵੇ।
ਜਸ਼ਨਪ੍ਰੀਤ ਸਿੰਘ ਸੇਖੋਂ
ਬਿਲਸਪੁਰ
647 213 1200
45 ਹਜ਼ਾਰ ਨੌਕਰੀਆਂ ਦੇ ਕੇ ਤੁਹਾਡਾ ਪੁੱਤ ਤੁਹਾਡੇ ਸਾਹਮਣੇ ਖੜ੍ਹਾ - ਭਗਵੰਤ ਮਾਨ
ਭਗਵੰਤ ਮਾਨ ਨੇ ਗਿੱਦੜਬਾਹਾ ਹਲਕੇ 'ਚ ਡਿੰਪੀ ਢਿੱਲੋਂ ਦੇ ਹੱਕ 'ਚ ਕੀਤਾ ਚੋਣ ਪ੍ਰਚਾਰ
ਭਾਜਪਾ ਵਾਲੇ ਵੋਟਾਂ ਵੇਲੇ ਲੋਲੀ ਪੋਪ ਦਿੰਦੇ ਐ
ਕਿਹਾ, ਸਰਕਾਰ 'ਚ ਹਿੱਸਾ ਪਾਓ, ਮੰਗਾਂ ਤੁਹਾਡੀਆਂ, ਕਾਗਜ਼ ਡਿੰਪੀ ਦਾ ਤੇ ਸਾਇਨ ਮੇਰੇ ਹੋਣਗੇ
ਦੋਦਾ, 4 ਨਵੰਬਰ (ਜਸਵੀਰ ਸਿੰਘ ਬੁੱਟਰ)-ਲੋਕ ਸਭਾ ਚੋਣਾਂ ਦੌਰਾਨ ਕੀਤੇ ਗਏ ਵਾਅਦੇ ਮੁਤਾਬਕ ਸੂਬੇ ਦੇ ਮੁੱਖ ਮੰਤਰੀ ਭਗਵੰਤ ਸਿੰਘ ਮਾਨ ਨੇ ਗਿੱਦੜਬਾਹਾ ਹਲਕੇ ਵਿੱਚ ਆਮ ਆਦਮੀ ਪਾਰਟੀ ਦੇ ਉਮੀਦਵਾਰ ਡਿੰਪੀ ਢਿੱਲੋਂ ਦੇ ਹੱਕ ਵਿੱਚ ਚੋਣ ਪ੍ਰਚਾਰ ਕੀਤਾ। ਉਨ੍ਹਾਂ ਕਿਹਾ ਕਿ ਸਰਕਾਰ 'ਚ ਹਿੱਸਾ ਪਾਓ ਮੰਗਾਂ ਤੁਹਾਡੀਆਂ, ਕਾਗਜ਼ ਡਿੰਪੀ ਦਾ ਤੇ ਸਾਇਨ ਮੇਰੇ ਹੋਣਗੇ। ਕੈਬਨਿਟ ਮਨਿਸਟਰ ਰਹੇ ਪਰ ਮੈਂ ਅਜੇ ਤੱਕ ਪੰਚਾਇਤ ਮੈਂਬਰ ਵੀ ਨਹੀਂ ਬਣਿਆ। ਉਨ੍ਹਾਂ ਕਿਹਾ ਕਿ ਮਾਨ ਸਾਬ੍ਹ ਨੇ ਬਰੀਕ ਛਾਣਨੀ ਲਗਾ ਕੇ ਮੈਨੂੰ ਜੋ ਟਿਕਟ ਦਿੱਤੀ ਹੈ। ਉਨ੍ਹਾਂ ਵਿਰੋਧੀਆਂ ਬਾਰੇ ਬੋਲਦਿਆਂ ਕਿਹਾ ਕਿ ਇਸਤੋਂ ਪਹਿਲਾਂ ਵਾਲੇ ਐਮਐਲਏ ਚਾਹੁੰਦੇ ਨਹੀਂ ਸਨ ਕਿ ਸਰਕਾਰ ਦੀਆਂ ਸਕੀਮਾਂ ਹਲਕਾ ਗਿੱਦੜਬਾਹਾ ਤੱਕ ਪਹੁੰਚਣ ਤਾਂ ਕਿ ਉਨ੍ਹਾਂ ਦੀ ਚੌਧਰ ਬਣੀ ਰਹਿ ਸਕੇ। ਆਮ ਆਦਮੀ ਪਾਰਟੀ ਕੁਝ ਨਹੀਂ ਕਰ ਰਹੀ। ਉਨ੍ਹਾਂ ਕਿਹਾ ਕਾਂਗਰਸ ਉਹ ਜਮਾਤ ਹੈ ਜਿਸਨੇ 84 ਦੀ ਹਨ੍ਹੇਰੀ 'ਚ ਵਸਦੇ ਘਰ ਉਜਾੜੇ। ਇਸ ਮੌਕੇ ਹਲਕਾ ਸ੍ਰੀ ਮੁਕਤਸਰ ਤੋਂ ਵਿਧਾਇਕ ਜਗਦੀਪ ਸਿੰਘ ਕਾਕਾ ਬਰਾੜ ਤੇ ਹੋਰ ਆਗੂ ਤੇ ਵੱਡੀ ਗਿਣਤੀ 'ਚ ਪਾਰਟੀ ਆਗੂ ਤੇ ਵਰਕਰ ਹਾਜ਼ਰ ਸਨ।
ਦੋਦਾ, 4 ਨਵੰਬਰ (ਜਸਵੀਰ ਸਿੰਘ ਬੁੱਟਰ)-ਲੋਕ ਸਭਾ ਚੋਣਾਂ ਦੌਰਾਨ ਕੀਤੇ ਗਏ ਵਾਅਦੇ ਮੁਤਾਬਕ ਸੂਬੇ ਦੇ ਮੁੱਖ ਮੰਤਰੀ ਭਗਵੰਤ ਸਿੰਘ ਮਾਨ ਨੇ ਗਿੱਦੜਬਾਹਾ ਹਲਕੇ ਵਿੱਚ ਆਮ ਆਦਮੀ ਪਾਰਟੀ ਦੇ ਉਮੀਦਵਾਰ ਡਿੰਪੀ ਢਿੱਲੋਂ ਦੇ ਹੱਕ ਵਿੱਚ ਚੋਣ ਪ੍ਰਚਾਰ ਕੀਤਾ। ਉਨ੍ਹਾਂ ਕਿਹਾ ਕਿ ਸਰਕਾਰ 'ਚ ਹਿੱਸਾ ਪਾਓ ਮੰਗਾਂ ਤੁਹਾਡੀਆਂ, ਕਾਗਜ਼ ਡਿੰਪੀ ਦਾ ਤੇ ਸਾਇਨ ਮੇਰੇ ਹੋਣਗੇ। ਕੈਬਨਿਟ ਮਨਿਸਟਰ ਰਹੇ ਪਰ ਮੈਂ ਅਜੇ ਤੱਕ ਪੰਚਾਇਤ ਮੈਂਬਰ ਵੀ ਨਹੀਂ ਬਣਿਆ। ਉਨ੍ਹਾਂ ਕਿਹਾ ਕਿ ਮਾਨ ਸਾਬ੍ਹ ਨੇ ਬਰੀਕ ਛਾਣਨੀ ਲਗਾ ਕੇ ਮੈਨੂੰ ਜੋ ਟਿਕਟ ਦਿੱਤੀ ਹੈ। ਉਨ੍ਹਾਂ ਵਿਰੋਧੀਆਂ ਬਾਰੇ ਬੋਲਦਿਆਂ ਕਿਹਾ ਕਿ ਇਸਤੋਂ ਪਹਿਲਾਂ ਵਾਲੇ ਐਮਐਲਏ ਚਾਹੁੰਦੇ ਨਹੀਂ ਸਨ ਕਿ ਸਰਕਾਰ ਦੀਆਂ ਸਕੀਮਾਂ ਹਲਕਾ ਗਿੱਦੜਬਾਹਾ ਤੱਕ ਪਹੁੰਚਣ ਤਾਂ ਕਿ ਉਨ੍ਹਾਂ ਦੀ ਚੌਧਰ ਬਣੀ ਰਹਿ ਸਕੇ। ਆਮ ਆਦਮੀ ਪਾਰਟੀ ਕੁਝ ਨਹੀਂ ਕਰ ਰਹੀ। ਉਨ੍ਹਾਂ ਕਿਹਾ ਕਾਂਗਰਸ ਉਹ ਜਮਾਤ ਹੈ ਜਿਸਨੇ 84 ਦੀ ਹਨ੍ਹੇਰੀ 'ਚ ਵਸਦੇ ਘਰ ਉਜਾੜੇ। ਇਸ ਮੌਕੇ ਹਲਕਾ ਸ੍ਰੀ ਮੁਕਤਸਰ ਤੋਂ ਵਿਧਾਇਕ ਜਗਦੀਪ ਸਿੰਘ ਕਾਕਾ ਬਰਾੜ ਤੇ ਹੋਰ
ਚੋਣਾ ਦੀਆਂ ਮੌਜਾਂ
ਸਭਾ ਇਲੈਕਸ਼ਨ ਜਦ ਮੁੱਕ ਜਾਂਦੀ
ਆਂਦੀ ਏ ਚੋਣ ਐੱਮ-ਐੱਲਿਆਂ ਦੀ।
ਪਾਲਿਕਾ ਕਦੇ ਪੰਚਾਇਤ ਚੋਣਾ
ਹੁੰਦੀ ਐ 'ਸ਼ਰਮੇਂ ਤੇ ਜੈਲਿਆਂ' ਦੀ।
ਜਿਮਨੀਆਂ ਚੋਣਾ ਵਿਚ ਲੋੜ ਡਾਢੀ
ਭੁੱਖ ਕੇ ਮਾਇਆ ਦੇ ਥੈਲਿਆਂ ਦੀ।
ਛੁੱਟੀ ਸਕੂਲਾਂ ਤੇ ਦਫਤਰਾਂ ਵਿਚ
ਹੀ ਲੱਗਦੀ ਅਮਲਿਆਂ-ਫੈਲਿਆਂ ਦੀ।
ਗਲ਼ੀ ਵਿਚ ਪਿੰਡ ਤੇ ਸ਼ਹਿਰ ਅੰਦਰ
ਮੰਗਣ ਲਈ ਫਿਰਦੀ ਏ 'ਫੌਜ' ਭਾਈ।
'ਛਕਣ-ਛਕਾਉਣ' ਦੇ ਸ਼ੌਕੀਆਂ ਨੂੰ
ਰਹਿੰਦੀ ਐ 'ਵੋਟਾਂ ਦੀ ਮੌਜ' ਭਾਈ !
-ਤਰਲੋਚਨ ਸਿੰਘ ਦੁਪਾਲ ਪੁਰ
001-408-915-1268
